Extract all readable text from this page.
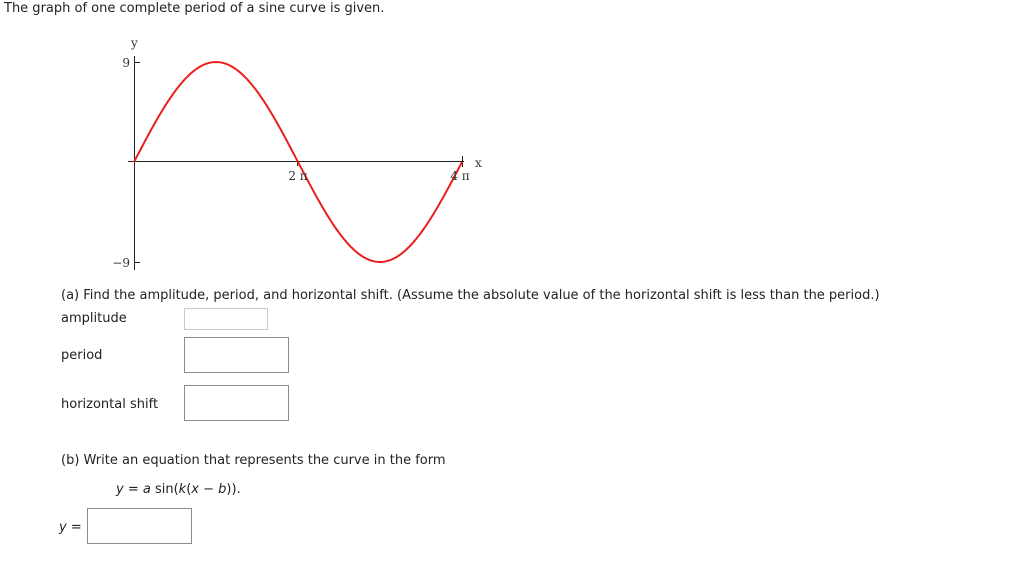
The graph of one complete period of a sine curve is given.
y
x
9
−9
2 π	4 π
(a) Find the amplitude, period, and horizontal shift. (Assume the absolute value of the horizontal shift is less than the period.)
amplitude
period
horizontal shift
(b) Write an equation that represents the curve in the form
y = a sin(k(x − b)).
y =
